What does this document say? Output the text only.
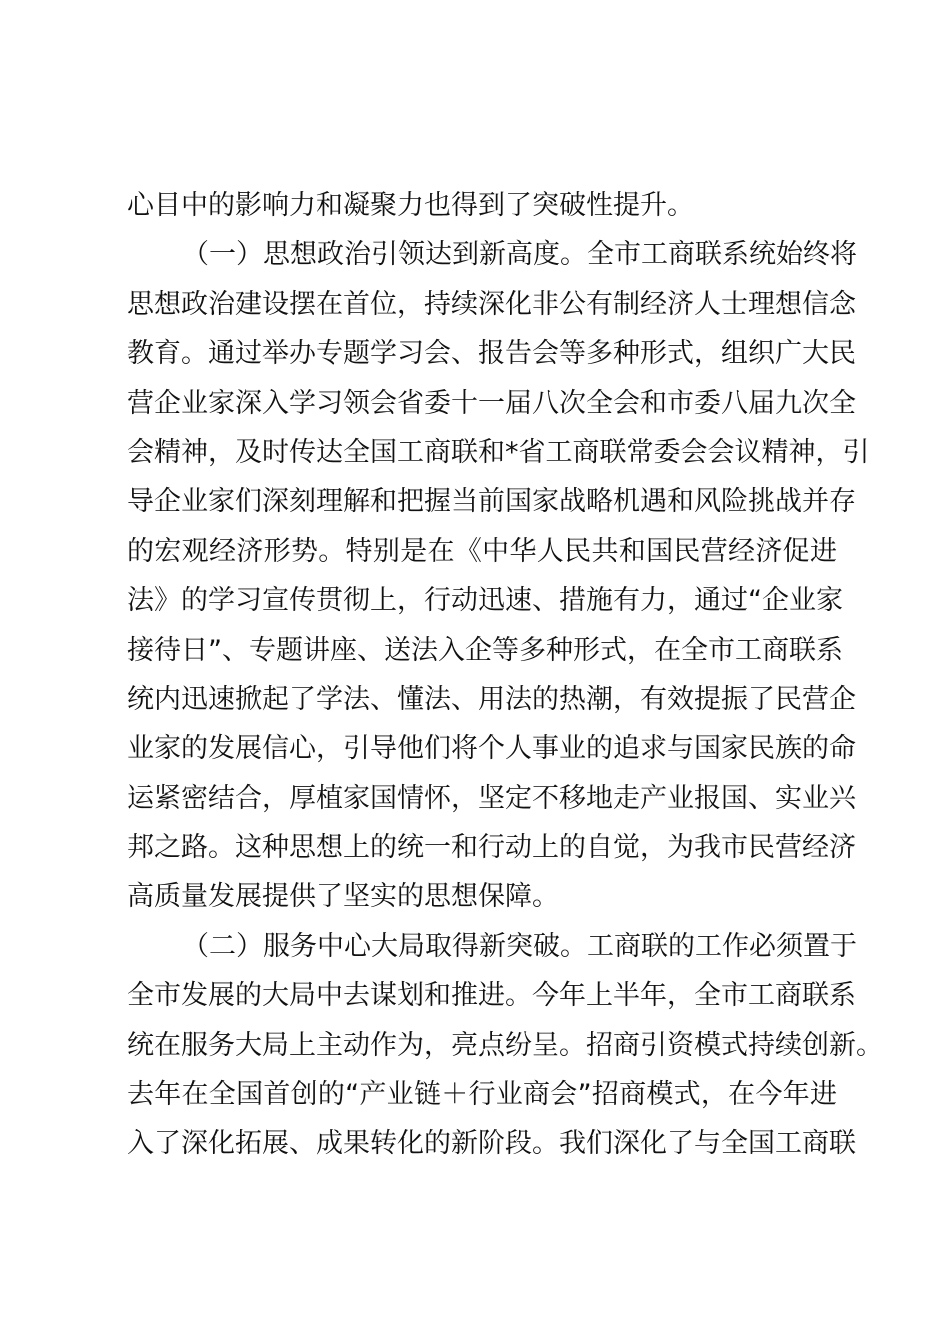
心目中的影响力和凝聚力也得到了突破性提升。
（一）思想政治引领达到新高度。全市工商联系统始终将
思想政治建设摆在首位，持续深化非公有制经济人士理想信念
教育。通过举办专题学习会、报告会等多种形式，组织广大民
营企业家深入学习领会省委十一届八次全会和市委八届九次全
会精神，及时传达全国工商联和*省工商联常委会会议精神，引
导企业家们深刻理解和把握当前国家战略机遇和风险挑战并存
的宏观经济形势。特别是在《中华人民共和国民营经济促进
法》的学习宣传贯彻上，行动迅速、措施有力，通过“企业家
接待日”、专题讲座、送法入企等多种形式，在全市工商联系
统内迅速掀起了学法、懂法、用法的热潮，有效提振了民营企
业家的发展信心，引导他们将个人事业的追求与国家民族的命
运紧密结合，厚植家国情怀，坚定不移地走产业报国、实业兴
邦之路。这种思想上的统一和行动上的自觉，为我市民营经济
高质量发展提供了坚实的思想保障。
（二）服务中心大局取得新突破。工商联的工作必须置于
全市发展的大局中去谋划和推进。今年上半年，全市工商联系
统在服务大局上主动作为，亮点纷呈。招商引资模式持续创新。
去年在全国首创的“产业链＋行业商会”招商模式，在今年进
入了深化拓展、成果转化的新阶段。我们深化了与全国工商联
